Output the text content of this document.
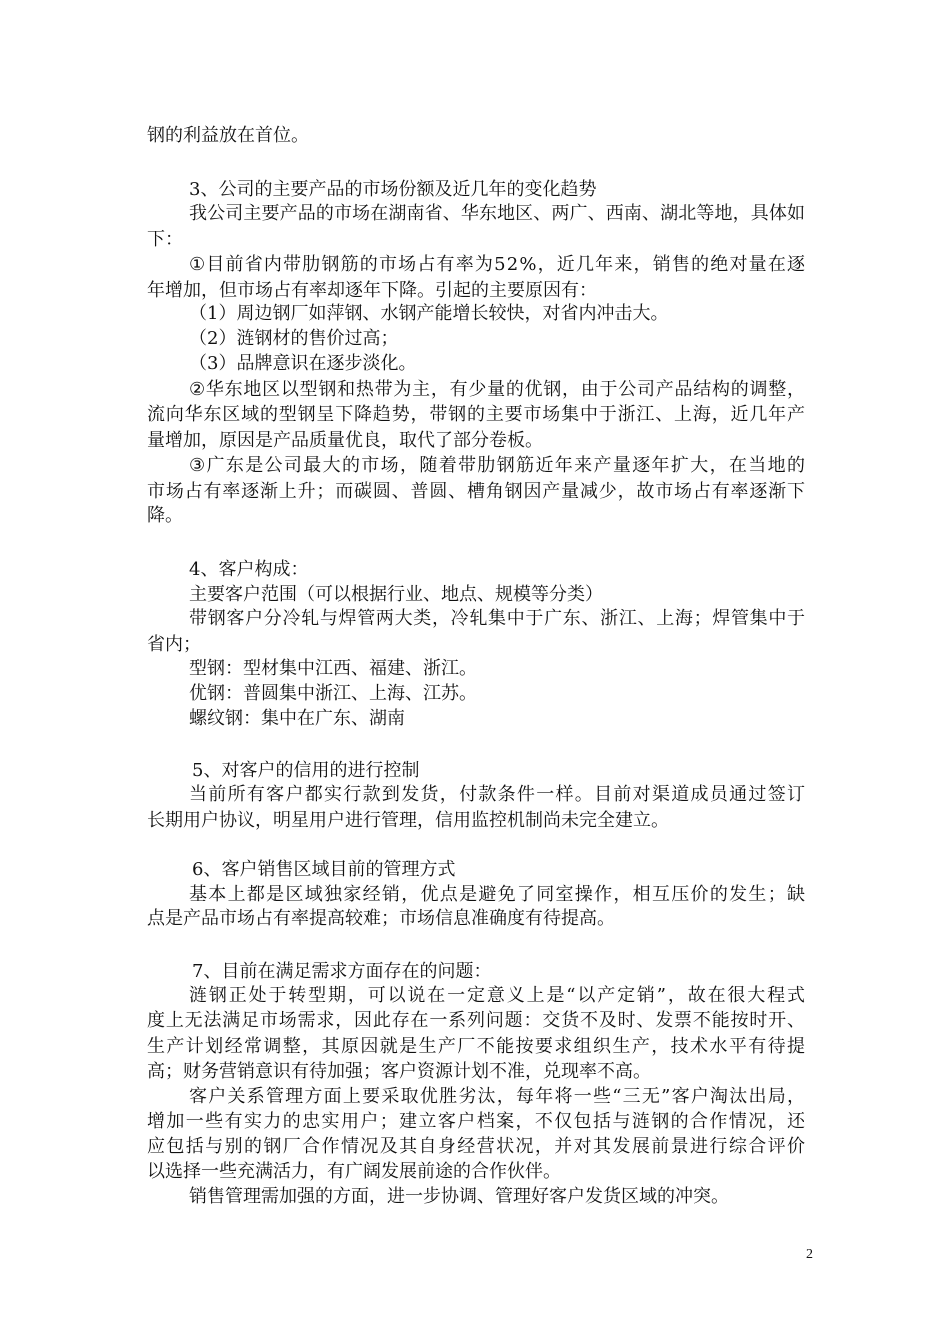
钢 的 利 益 放 在 首 位 。
3 、 公 司 的 主 要 产 品 的 市 场 份 额 及 近 几 年 的 变 化 趋 势
我 公 司 主 要 产 品 的 市 场 在 湖 南 省 、 华 东 地 区 、 两 广 、 西 南 、 湖 北 等 地 ， 具 体 如
下 ：
① 目 前 省 内 带 肋 钢 筋 的 市 场 占 有 率 为 5 2 % ， 近 几 年 来 ， 销 售 的 绝 对 量 在 逐
年 增 加 ， 但 市 场 占 有 率 却 逐 年 下 降 。 引 起 的 主 要 原 因 有 ：
（ 1 ） 周 边 钢 厂 如 萍 钢 、 水 钢 产 能 增 长 较 快 ， 对 省 内 冲 击 大 。
（ 2 ） 涟 钢 材 的 售 价 过 高 ；
（ 3 ） 品 牌 意 识 在 逐 步 淡 化 。
② 华 东 地 区 以 型 钢 和 热 带 为 主 ， 有 少 量 的 优 钢 ， 由 于 公 司 产 品 结 构 的 调 整 ，
流 向 华 东 区 域 的 型 钢 呈 下 降 趋 势 ， 带 钢 的 主 要 市 场 集 中 于 浙 江 、 上 海 ， 近 几 年 产
量 增 加 ， 原 因 是 产 品 质 量 优 良 ， 取 代 了 部 分 卷 板 。
③ 广 东 是 公 司 最 大 的 市 场 ， 随 着 带 肋 钢 筋 近 年 来 产 量 逐 年 扩 大 ， 在 当 地 的
市 场 占 有 率 逐 渐 上 升 ； 而 碳 圆 、 普 圆 、 槽 角 钢 因 产 量 减 少 ， 故 市 场 占 有 率 逐 渐 下
降 。
4 、 客 户 构 成 ：
主 要 客 户 范 围 （ 可 以 根 据 行 业 、 地 点 、 规 模 等 分 类 ）
带 钢 客 户 分 冷 轧 与 焊 管 两 大 类 ， 冷 轧 集 中 于 广 东 、 浙 江 、 上 海 ； 焊 管 集 中 于
省 内 ；
型 钢 ： 型 材 集 中 江 西 、 福 建 、 浙 江 。
优 钢 ： 普 圆 集 中 浙 江 、 上 海 、 江 苏 。
螺 纹 钢 ： 集 中 在 广 东 、 湖 南
5 、 对 客 户 的 信 用 的 进 行 控 制
当 前 所 有 客 户 都 实 行 款 到 发 货 ， 付 款 条 件 一 样 。 目 前 对 渠 道 成 员 通 过 签 订
长 期 用 户 协 议 ， 明 星 用 户 进 行 管 理 ， 信 用 监 控 机 制 尚 未 完 全 建 立 。
6 、 客 户 销 售 区 域 目 前 的 管 理 方 式
基 本 上 都 是 区 域 独 家 经 销 ， 优 点 是 避 免 了 同 室 操 作 ， 相 互 压 价 的 发 生 ； 缺
点 是 产 品 市 场 占 有 率 提 高 较 难 ； 市 场 信 息 准 确 度 有 待 提 高 。
7 、 目 前 在 满 足 需 求 方 面 存 在 的 问 题 ：
涟 钢 正 处 于 转 型 期 ， 可 以 说 在 一 定 意 义 上 是 “ 以 产 定 销 ” ， 故 在 很 大 程 式
度 上 无 法 满 足 市 场 需 求 ， 因 此 存 在 一 系 列 问 题 ： 交 货 不 及 时 、 发 票 不 能 按 时 开 、
生 产 计 划 经 常 调 整 ， 其 原 因 就 是 生 产 厂 不 能 按 要 求 组 织 生 产 ， 技 术 水 平 有 待 提
高 ； 财 务 营 销 意 识 有 待 加 强 ； 客 户 资 源 计 划 不 准 ， 兑 现 率 不 高 。
客 户 关 系 管 理 方 面 上 要 采 取 优 胜 劣 汰 ， 每 年 将 一 些 “ 三 无 ” 客 户 淘 汰 出 局 ，
增 加 一 些 有 实 力 的 忠 实 用 户 ； 建 立 客 户 档 案 ， 不 仅 包 括 与 涟 钢 的 合 作 情 况 ， 还
应 包 括 与 别 的 钢 厂 合 作 情 况 及 其 自 身 经 营 状 况 ， 并 对 其 发 展 前 景 进 行 综 合 评 价
以 选 择 一 些 充 满 活 力 ， 有 广 阔 发 展 前 途 的 合 作 伙 伴 。
销 售 管 理 需 加 强 的 方 面 ， 进 一 步 协 调 、 管 理 好 客 户 发 货 区 域 的 冲 突 。
2
